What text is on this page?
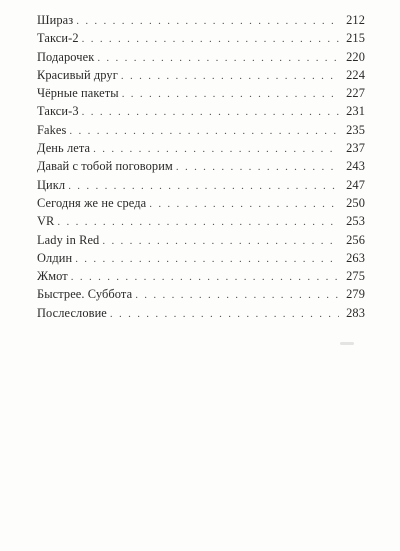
Шираз . . .	212
Такси-2 . . .	215
Подарочек . . .	220
Красивый друг . . .	224
Чёрные пакеты . . .	227
Такси-3 . . .	231
Fakes . . .	235
День лета . . .	237
Давай с тобой поговорим . . .	243
Цикл . . .	247
Сегодня же не среда . . .	250
VR . . .	253
Lady in Red . . .	256
Олдин . . .	263
Жмот . . .	275
Быстрее. Суббота . . .	279
Послесловие . . .	283
